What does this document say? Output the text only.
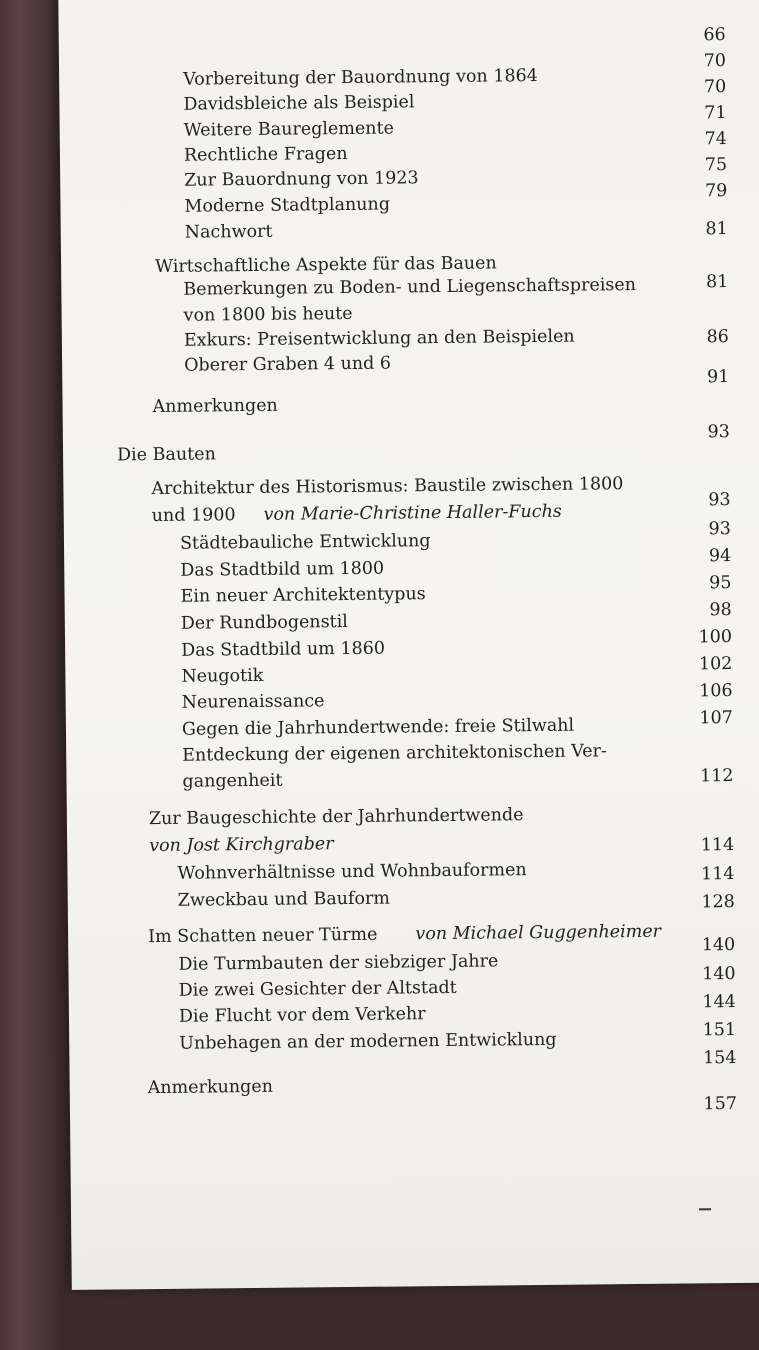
Vorbereitung der Bauordnung von 1864
Davidsbleiche als Beispiel
Weitere Baureglemente
Rechtliche Fragen
Zur Bauordnung von 1923
Moderne Stadtplanung
Nachwort
Wirtschaftliche Aspekte für das Bauen
Bemerkungen zu Boden- und Liegenschaftspreisen
von 1800 bis heute
Exkurs: Preisentwicklung an den Beispielen
Oberer Graben 4 und 6
Anmerkungen
Die Bauten
Architektur des Historismus: Baustile zwischen 1800
und 1900 von Marie-Christine Haller-Fuchs
Städtebauliche Entwicklung
Das Stadtbild um 1800
Ein neuer Architektentypus
Der Rundbogenstil
Das Stadtbild um 1860
Neugotik
Neurenaissance
Gegen die Jahrhundertwende: freie Stilwahl
Entdeckung der eigenen architektonischen Ver-
gangenheit
Zur Baugeschichte der Jahrhundertwende
von Jost Kirchgraber
Wohnverhältnisse und Wohnbauformen
Zweckbau und Bauform
Im Schatten neuer Türme von Michael Guggenheimer
Die Turmbauten der siebziger Jahre
Die zwei Gesichter der Altstadt
Die Flucht vor dem Verkehr
Unbehagen an der modernen Entwicklung
Anmerkungen
66
70
70
71
74
75
79
81
81
86
91
93
93
93
94
95
98
100
102
106
107
112
114
114
128
140
140
144
151
154
157
